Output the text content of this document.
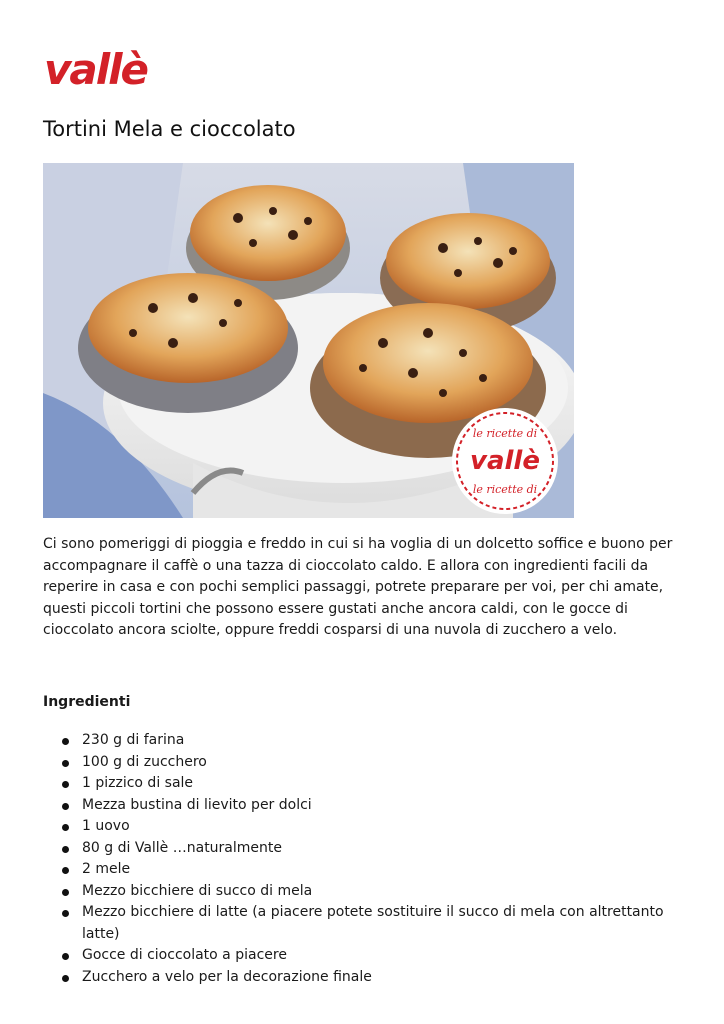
vallè
Tortini Mela e cioccolato
le ricette di
vallè
le ricette di

Ci sono pomeriggi di pioggia e freddo in cui si ha voglia di un dolcetto soffice e buono per accompagnare il caffè o una tazza di cioccolato caldo. E allora con ingredienti facili da reperire in casa e con pochi semplici passaggi, potrete preparare per voi, per chi amate, questi piccoli tortini che possono essere gustati anche ancora caldi, con le gocce di cioccolato ancora sciolte, oppure freddi cosparsi di una nuvola di zucchero a velo.

Ingredienti
230 g di farina
100 g di zucchero
1 pizzico di sale
Mezza bustina di lievito per dolci
1 uovo
80 g di Vallè …naturalmente
2 mele
Mezzo bicchiere di succo di mela
Mezzo bicchiere di latte (a piacere potete sostituire il succo di mela con altrettanto latte)
Gocce di cioccolato a piacere
Zucchero a velo per la decorazione finale
